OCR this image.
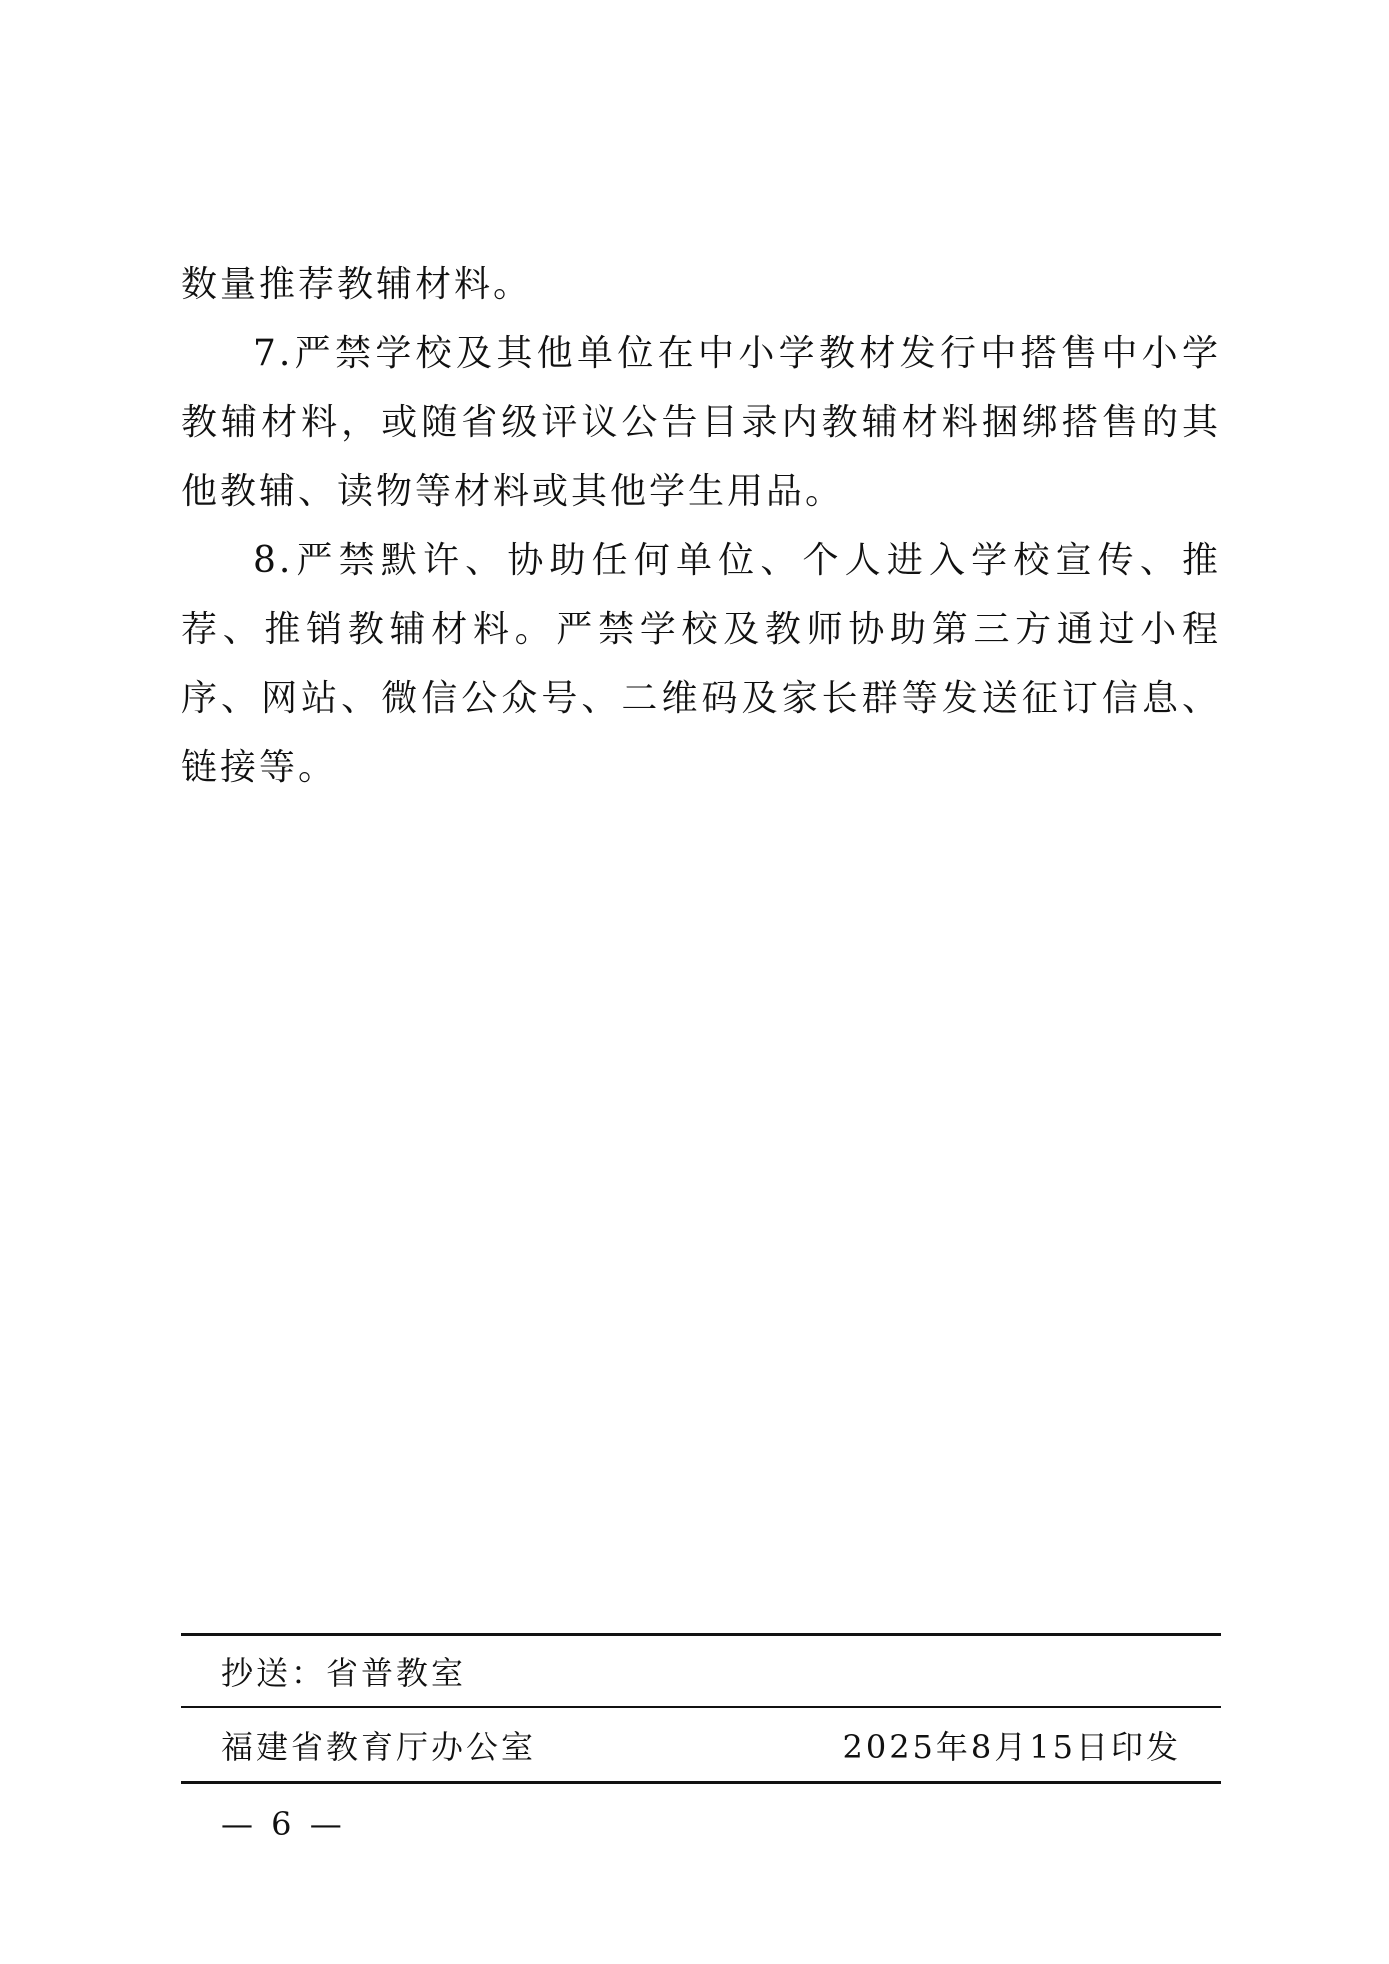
数量推荐教辅材料。

7.严禁学校及其他单位在中小学教材发行中搭售中小学教辅材料，或随省级评议公告目录内教辅材料捆绑搭售的其他教辅、读物等材料或其他学生用品。

8.严禁默许、协助任何单位、个人进入学校宣传、推荐、推销教辅材料。严禁学校及教师协助第三方通过小程序、网站、微信公众号、二维码及家长群等发送征订信息、链接等。

抄送：省普教室
福建省教育厅办公室	2025年8月15日印发
— 6 —
